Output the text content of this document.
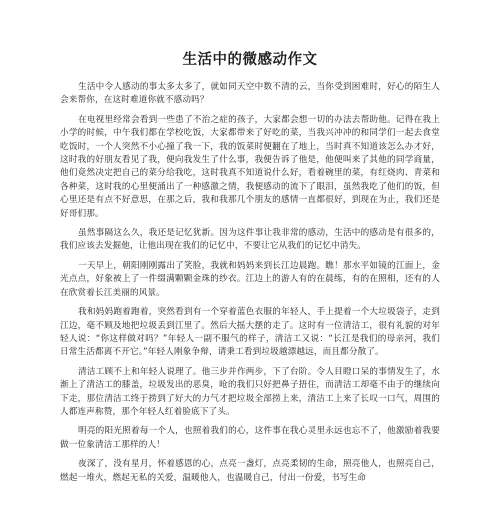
生活中的微感动作文

生活中令人感动的事太多太多了，就如同天空中数不清的云，当你受到困难时，好心的陌生人会来帮你，在这时难道你就不感动吗？

在电视里经常会看到一些患了不治之症的孩子，大家都会想一切的办法去帮助他。记得在我上小学的时候，中午我们都在学校吃饭，大家都带来了好吃的菜，当我兴冲冲的和同学们一起去食堂吃饭时，一个人突然不小心撞了我一下，我的饭菜时便翻在了地上，当时真不知道该怎么办才好，这时我的好朋友看见了我，便向我发生了什么事，我便告诉了他是，他便叫来了其他的同学商量，他们竟然决定把自己的菜分给我吃，这时我真不知道说什么好，看着碗里的菜，有红烧肉、青菜和各种菜，这时我的心里便涌出了一种感激之情，我便感动的流下了眼泪，虽然我吃了他们的饭，但心里还是有点不好意思，在那之后，我和我那几个朋友的感情一直都很好，到现在为止，我们还是好哥们那。

虽然事隔这么久，我还是记忆犹新。因为这件事让我非常的感动，生活中的感动是有很多的，我们应该去发掘他，让他出现在我们的记忆中，不要让它从我们的记忆中消失。

一天早上，朝阳刚刚露出了笑脸，我就和妈妈来到长江边晨跑。瞧！那水平如镜的江面上，金光点点，好象被上了一件缀满颗颗金珠的纱衣。江边上的游人有的在晨练，有的在照相，还有的人在欣赏着长江美丽的风景。

我和妈妈跑着跑着，突然看到有一个穿着蓝色衣服的年轻人，手上提着一个大垃圾袋子，走到江边，毫不顾及地把垃圾丢到江里了。然后大摇大摆的走了。这时有一位清洁工，很有礼貌的对年轻人说：“你这样做对吗？”年轻人一副不服气的样子，清洁工又说：“长江是我们的母亲河，我们日常生活都离不开它。”年轻人刚象争辩，请秉工看到垃圾越漂越远，而且都分散了。

清洁工顾不上和年轻人说理了。他三步并作两步，下了台阶。令人目瞪口呆的事情发生了，水渐上了清洁工的膝盖，垃圾发出的恶臭，呛的我们只好把鼻子捂住，而清洁工却毫不由于的继续向下走，那位清洁工终于捞到了好大的力气才把垃圾全部捞上来，清洁工上来了长叹一口气，周围的人都连声称赞，那个年轻人红着脸底下了头。

明亮的阳光照着每一个人，也照着我们的心，这件事在我心灵里永远也忘不了，他激励着我要做一位象清洁工那样的人！

夜深了，没有星月，怀着感恩的心，点亮一盏灯，点亮柔韧的生命，照亮他人，也照亮自己，燃起一堆火，燃起无私的关爱，温暖他人，也温暖自己，付出一份爱，书写生命
